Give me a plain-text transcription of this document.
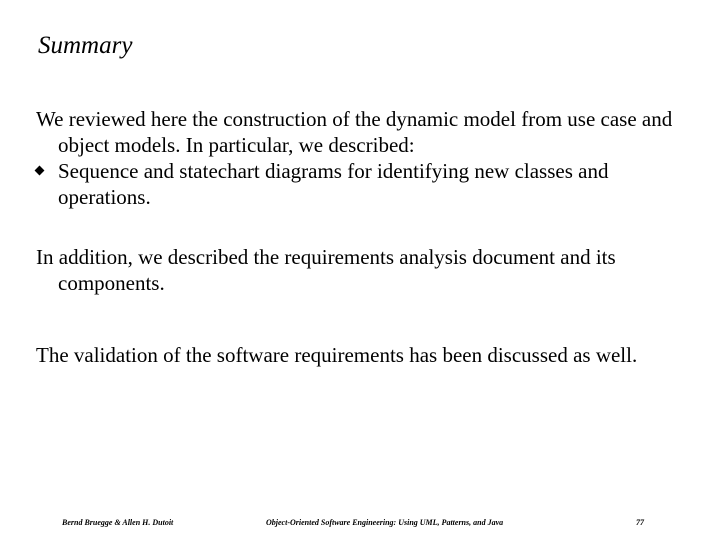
Summary

We reviewed here the construction of the dynamic model from use case and object models. In particular, we described:

Sequence and statechart diagrams for identifying new classes and operations.

In addition, we described the requirements analysis document and its components.

The validation of the software requirements has been discussed as well.

Bernd Bruegge & Allen H. Dutoit	Object-Oriented Software Engineering: Using UML, Patterns, and Java	77
